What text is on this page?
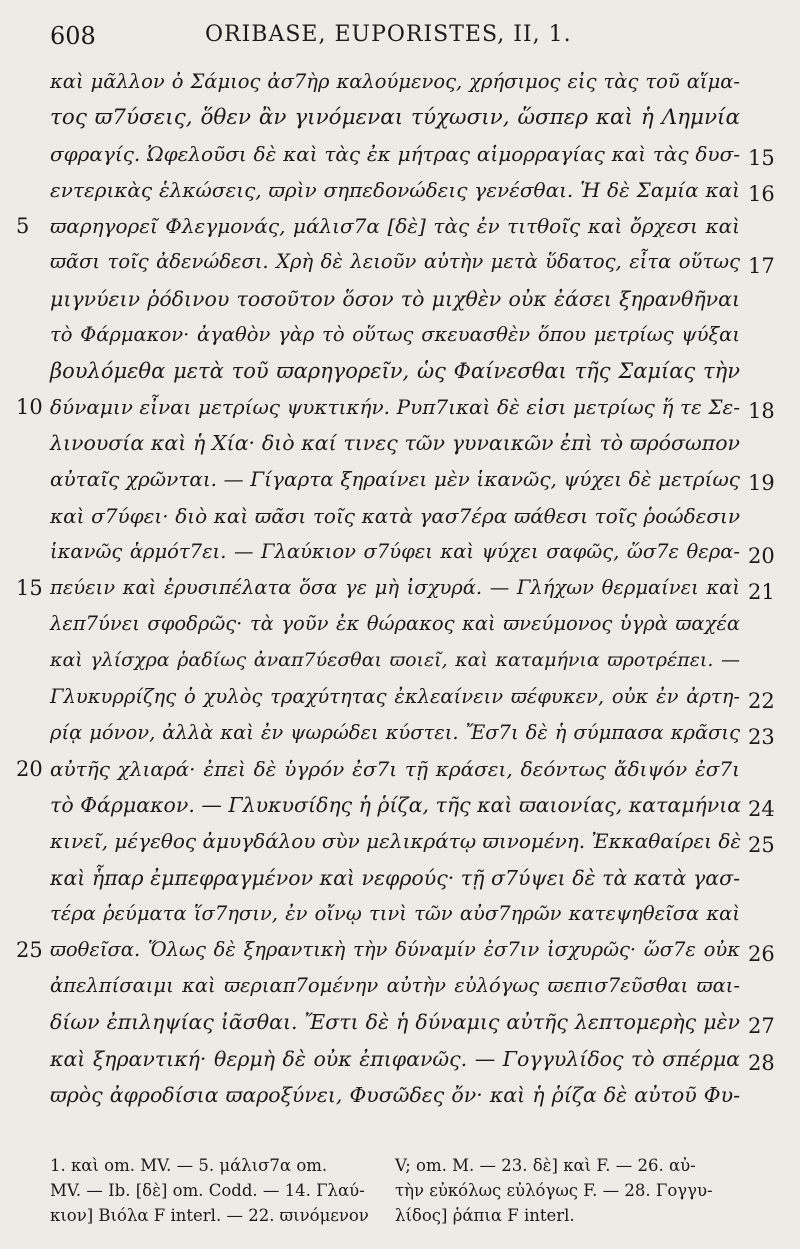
608	ORIBASE, EUPORISTES, II, 1.
καὶ μᾶλλον ὁ Σάμιος ἀσ7ὴρ καλούμενος, χρήσιμος εἰς τὰς τοῦ αἵμα-
τος ϖ7ύσεις, ὅθεν ἂν γινόμεναι τύχωσιν, ὥσπερ καὶ ἡ Λημνία
σφραγίς. Ὠφελοῦσι δὲ καὶ τὰς ἐκ μήτρας αἱμορραγίας καὶ τὰς δυσ-
εντερικὰς ἑλκώσεις, ϖρὶν σηπεδονώδεις γενέσθαι. Ἡ δὲ Σαμία καὶ
ϖαρηγορεῖ Φλεγμονάς, μάλισ7α [δὲ] τὰς ἐν τιτθοῖς καὶ ὄρχεσι καὶ
ϖᾶσι τοῖς ἀδενώδεσι. Χρὴ δὲ λειοῦν αὐτὴν μετὰ ὕδατος, εἶτα οὕτως
μιγνύειν ῥόδινου τοσοῦτον ὅσον τὸ μιχθὲν οὐκ ἐάσει ξηρανθῆναι
τὸ Φάρμακον· ἀγαθὸν γὰρ τὸ οὕτως σκευασθὲν ὅπου μετρίως ψύξαι
βουλόμεθα μετὰ τοῦ ϖαρηγορεῖν, ὡς Φαίνεσθαι τῆς Σαμίας τὴν
δύναμιν εἶναι μετρίως ψυκτικήν. Ρυπ7ικαὶ δὲ εἰσι μετρίως ἥ τε Σε-
λινουσία καὶ ἡ Χία· διὸ καί τινες τῶν γυναικῶν ἐπὶ τὸ ϖρόσωπον
αὐταῖς χρῶνται. — Γίγαρτα ξηραίνει μὲν ἱκανῶς, ψύχει δὲ μετρίως
καὶ σ7ύφει· διὸ καὶ ϖᾶσι τοῖς κατὰ γασ7έρα ϖάθεσι τοῖς ῥοώδεσιν
ἱκανῶς ἁρμότ7ει. — Γλαύκιον σ7ύφει καὶ ψύχει σαφῶς, ὥσ7ε θερα-
πεύειν καὶ ἐρυσιπέλατα ὅσα γε μὴ ἰσχυρά. — Γλήχων θερμαίνει καὶ
λεπ7ύνει σφοδρῶς· τὰ γοῦν ἐκ θώρακος καὶ ϖνεύμονος ὑγρὰ ϖαχέα
καὶ γλίσχρα ῥαδίως ἀναπ7ύεσθαι ϖοιεῖ, καὶ καταμήνια ϖροτρέπει. —
Γλυκυρρίζης ὁ χυλὸς τραχύτητας ἐκλεαίνειν ϖέφυκεν, οὐκ ἐν ἀρτη-
ρίᾳ μόνον, ἀλλὰ καὶ ἐν ψωρώδει κύστει. Ἔσ7ι δὲ ἡ σύμπασα κρᾶσις
αὐτῆς χλιαρά· ἐπεὶ δὲ ὑγρόν ἐσ7ι τῇ κράσει, δεόντως ἄδιψόν ἐσ7ι
τὸ Φάρμακον. — Γλυκυσίδης ἡ ῥίζα, τῆς καὶ ϖαιονίας, καταμήνια
κινεῖ, μέγεθος ἀμυγδάλου σὺν μελικράτῳ ϖινομένη. Ἐκκαθαίρει δὲ
καὶ ἧπαρ ἐμπεφραγμένον καὶ νεφρούς· τῇ σ7ύψει δὲ τὰ κατὰ γασ-
τέρα ῥεύματα ἵσ7ησιν, ἐν οἴνῳ τινὶ τῶν αὐσ7ηρῶν κατεψηθεῖσα καὶ
ϖοθεῖσα. Ὅλως δὲ ξηραντικὴ τὴν δύναμίν ἐσ7ιν ἰσχυρῶς· ὥσ7ε οὐκ
ἀπελπίσαιμι καὶ ϖεριαπ7ομένην αὐτὴν εὐλόγως ϖεπισ7εῦσθαι ϖαι-
δίων ἐπιληψίας ἰᾶσθαι. Ἔστι δὲ ἡ δύναμις αὐτῆς λεπτομερὴς μὲν
καὶ ξηραντική· θερμὴ δὲ οὐκ ἐπιφανῶς. — Γογγυλίδος τὸ σπέρμα
ϖρὸς ἀφροδίσια ϖαροξύνει, Φυσῶδες ὄν· καὶ ἡ ῥίζα δὲ αὐτοῦ Φυ-
5
10
15
20
25
15
16
17
18
19
20
21
22
23
24
25
26
27
28
1. καὶ om. MV. — 5. μάλισ7α om.
MV. — Ib. [δὲ] om. Codd. — 14. Γλαύ-
κιον] Βιόλα F interl. — 22. ϖινόμενον
V; om. M. — 23. δὲ] καὶ F. — 26. αὐ-
τὴν εὐκόλως εὐλόγως F. — 28. Γογγυ-
λίδος] ῥάπια F interl.
